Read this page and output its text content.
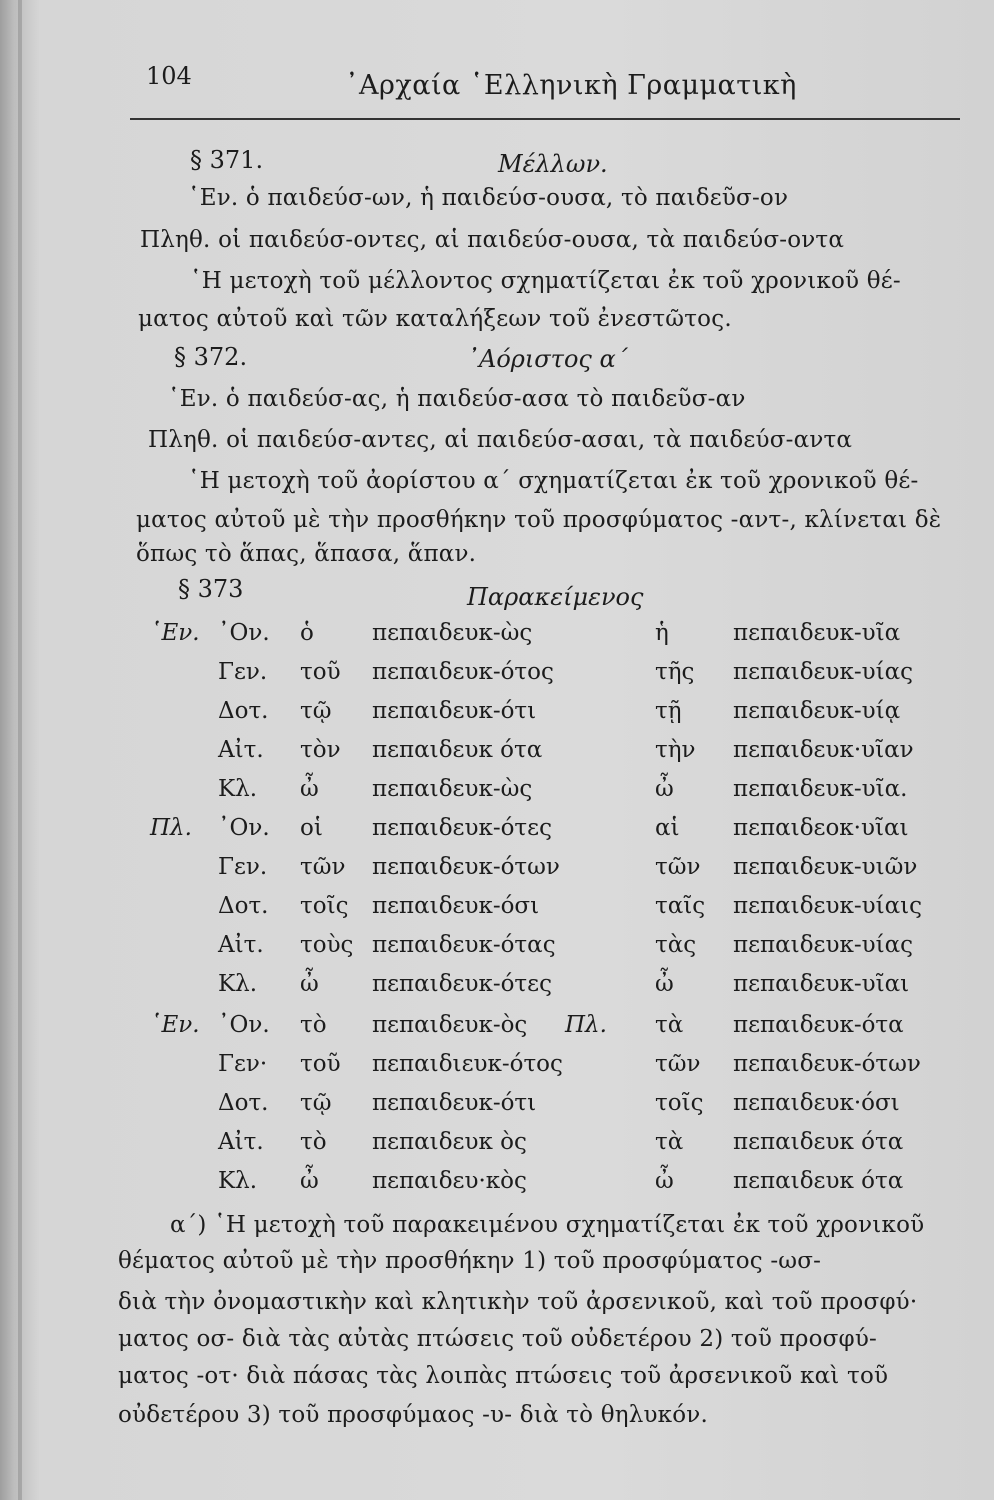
104	᾿Αρχαία ῾Ελληνικὴ Γραμματικὴ
§ 371.	Μέλλων.
῾Εν. ὁ παιδεύσ-ων, ἡ παιδεύσ-ουσα, τὸ παιδεῦσ-ον
Πληθ. οἱ παιδεύσ-οντες, αἱ παιδεύσ-ουσα, τὰ παιδεύσ-οντα
῾Η μετοχὴ τοῦ μέλλοντος σχηματίζεται ἐκ τοῦ χρονικοῦ θέ-
ματος αὐτοῦ καὶ τῶν καταλήξεων τοῦ ἐνεστῶτος.
§ 372.	᾿Αόριστος α´
῾Εν. ὁ παιδεύσ-ας, ἡ παιδεύσ-ασα τὸ παιδεῦσ-αν
Πληθ. οἱ παιδεύσ-αντες, αἱ παιδεύσ-ασαι, τὰ παιδεύσ-αντα
῾Η μετοχὴ τοῦ ἀορίστου α´ σχηματίζεται ἐκ τοῦ χρονικοῦ θέ-
ματος αὐτοῦ μὲ τὴν προσθήκην τοῦ προσφύματος -αντ-, κλίνεται δὲ
ὅπως τὸ ἅπας, ἅπασα, ἅπαν.
§ 373	Παρακείμενος
῾Εν. ᾿Ον. ὁ	πεπαιδευκ-ὼς	ἡ	πεπαιδευκ-υῖα
Γεν. τοῦ πεπαιδευκ-ότος	τῆς πεπαιδευκ-υίας
Δοτ. τῷ πεπαιδευκ-ότι	τῇ πεπαιδευκ-υίᾳ
Αἰτ. τὸν πεπαιδευκ ότα	τὴν πεπαιδευκ·υῖαν
Κλ. ὦ πεπαιδευκ-ὼς	ὦ	πεπαιδευκ-υῖα.
Πλ. ᾿Ον. οἱ πεπαιδευκ-ότες	αἱ πεπαιδεοκ·υῖαι
Γεν. τῶν πεπαιδευκ-ότων	τῶν πεπαιδευκ-υιῶν
Δοτ. τοῖς πεπαιδευκ-όσι	ταῖς πεπαιδευκ-υίαις
Αἰτ. τοὺς πεπαιδευκ-ότας	τὰς πεπαιδευκ-υίας
Κλ. ὦ πεπαιδευκ-ότες	ὦ	πεπαιδευκ-υῖαι
῾Εν. ᾿Ον. τὸ πεπαιδευκ-ὸς Πλ. τὰ πεπαιδευκ-ότα
Γεν· τοῦ πεπαιδιευκ-ότος	τῶν πεπαιδευκ-ότων
Δοτ. τῷ πεπαιδευκ-ότι	τοῖς πεπαιδευκ·όσι
Αἰτ. τὸ πεπαιδευκ ὸς	τὰ πεπαιδευκ ότα
Κλ. ὦ πεπαιδευ·κὸς	ὦ	πεπαιδευκ ότα
α´) ῾Η μετοχὴ τοῦ παρακειμένου σχηματίζεται ἐκ τοῦ χρονικοῦ
θέματος αὐτοῦ μὲ τὴν προσθήκην 1) τοῦ προσφύματος -ωσ-
διὰ τὴν ὀνομαστικὴν καὶ κλητικὴν τοῦ ἀρσενικοῦ, καὶ τοῦ προσφύ·
ματος οσ- διὰ τὰς αὐτὰς πτώσεις τοῦ οὐδετέρου 2) τοῦ προσφύ-
ματος -οτ· διὰ πάσας τὰς λοιπὰς πτώσεις τοῦ ἀρσενικοῦ καὶ τοῦ
οὐδετέρου 3) τοῦ προσφύμαος -υ- διὰ τὸ θηλυκόν.
